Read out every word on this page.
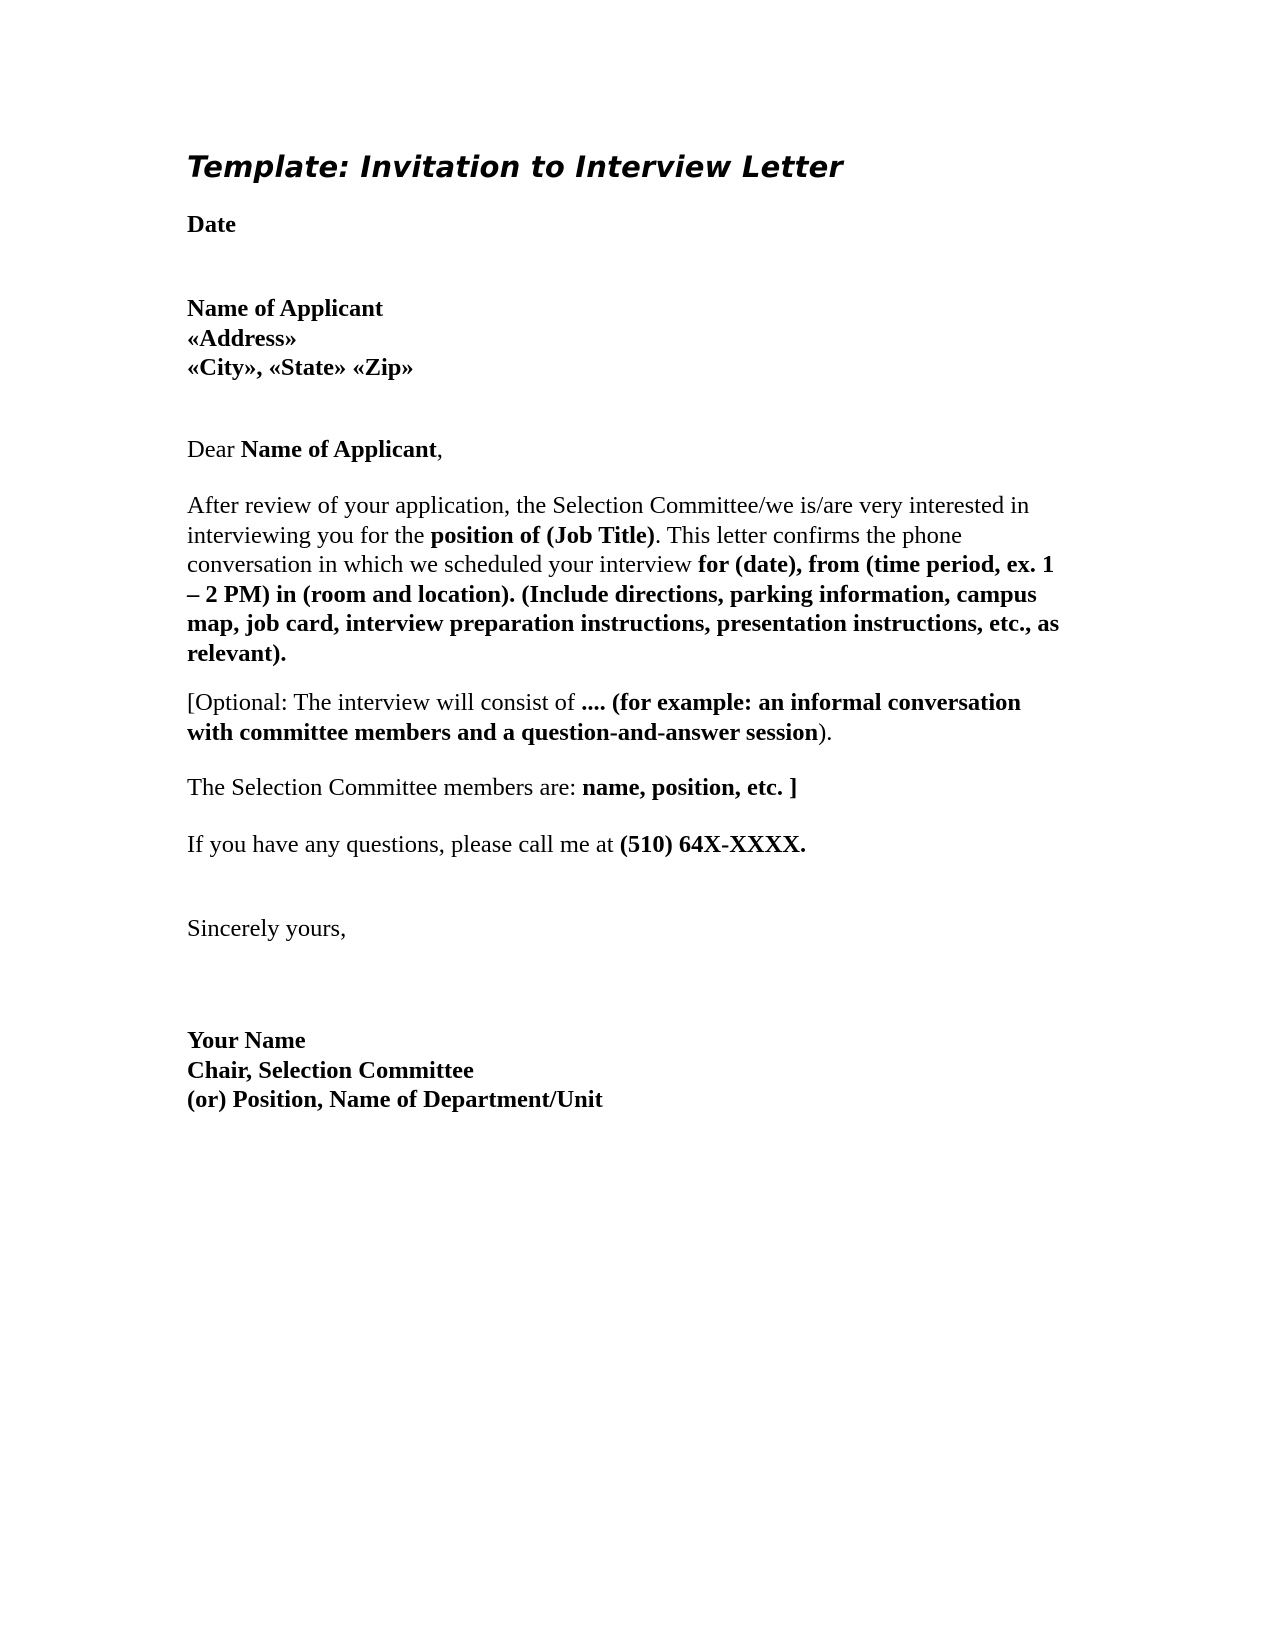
Template: Invitation to Interview Letter
Date
Name of Applicant
«Address»
«City», «State» «Zip»
Dear Name of Applicant,
After review of your application, the Selection Committee/we is/are very interested in
interviewing you for the position of (Job Title). This letter confirms the phone
conversation in which we scheduled your interview for (date), from (time period, ex. 1
– 2 PM) in (room and location). (Include directions, parking information, campus
map, job card, interview preparation instructions, presentation instructions, etc., as
relevant).
[Optional: The interview will consist of .... (for example: an informal conversation
with committee members and a question-and-answer session).
The Selection Committee members are: name, position, etc. ]
If you have any questions, please call me at (510) 64X-XXXX.
Sincerely yours,
Your Name
Chair, Selection Committee
(or) Position, Name of Department/Unit
